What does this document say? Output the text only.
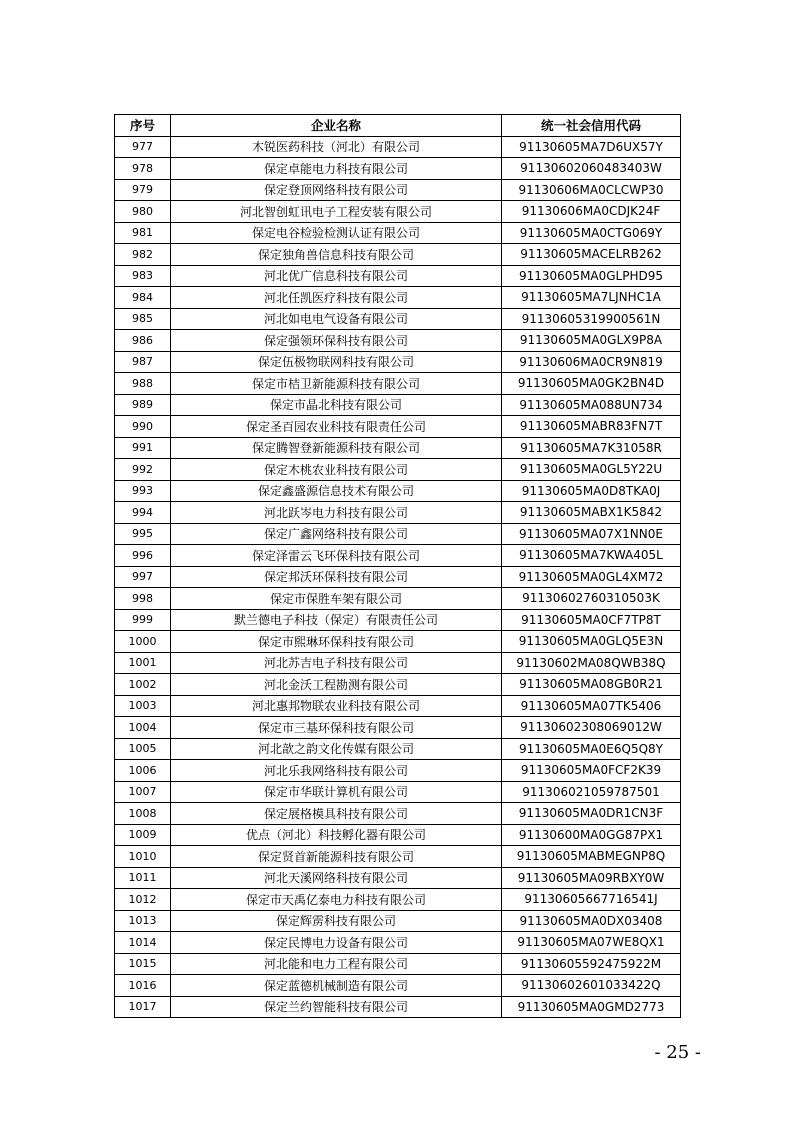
序号	企业名称	统一社会信用代码
977	木锐医药科技（河北）有限公司	91130605MA7D6UX57Y
978	保定卓能电力科技有限公司	91130602060483403W
979	保定登顶网络科技有限公司	91130606MA0CLCWP30
980	河北智创虹讯电子工程安装有限公司	91130606MA0CDJK24F
981	保定电谷检验检测认证有限公司	91130605MA0CTG069Y
982	保定独角兽信息科技有限公司	91130605MACELRB262
983	河北优广信息科技有限公司	91130605MA0GLPHD95
984	河北任凯医疗科技有限公司	91130605MA7LJNHC1A
985	河北如电电气设备有限公司	91130605319900561N
986	保定强领环保科技有限公司	91130605MA0GLX9P8A
987	保定伍极物联网科技有限公司	91130606MA0CR9N819
988	保定市桔卫新能源科技有限公司	91130605MA0GK2BN4D
989	保定市晶北科技有限公司	91130605MA088UN734
990	保定圣百园农业科技有限责任公司	91130605MABR83FN7T
991	保定腾智登新能源科技有限公司	91130605MA7K31058R
992	保定木桃农业科技有限公司	91130605MA0GL5Y22U
993	保定鑫盛源信息技术有限公司	91130605MA0D8TKA0J
994	河北跃岑电力科技有限公司	91130605MABX1K5842
995	保定广鑫网络科技有限公司	91130605MA07X1NN0E
996	保定泽雷云飞环保科技有限公司	91130605MA7KWA405L
997	保定邦沃环保科技有限公司	91130605MA0GL4XM72
998	保定市保胜车架有限公司	91130602760310503K
999	默兰德电子科技（保定）有限责任公司	91130605MA0CF7TP8T
1000	保定市熙琳环保科技有限公司	91130605MA0GLQ5E3N
1001	河北苏吉电子科技有限公司	91130602MA08QWB38Q
1002	河北金沃工程勘测有限公司	91130605MA08GB0R21
1003	河北惠邦物联农业科技有限公司	91130605MA07TK5406
1004	保定市三基环保科技有限公司	91130602308069012W
1005	河北歆之韵文化传媒有限公司	91130605MA0E6Q5Q8Y
1006	河北乐我网络科技有限公司	91130605MA0FCF2K39
1007	保定市华联计算机有限公司	911306021059787501
1008	保定展格模具科技有限公司	91130605MA0DR1CN3F
1009	优点（河北）科技孵化器有限公司	91130600MA0GG87PX1
1010	保定贤首新能源科技有限公司	91130605MABMEGNP8Q
1011	河北天溪网络科技有限公司	91130605MA09RBXY0W
1012	保定市天禹亿泰电力科技有限公司	91130605667716541J
1013	保定辉雳科技有限公司	91130605MA0DX03408
1014	保定民博电力设备有限公司	91130605MA07WE8QX1
1015	河北能和电力工程有限公司	91130605592475922M
1016	保定蓝德机械制造有限公司	91130602601033422Q
1017	保定兰约智能科技有限公司	91130605MA0GMD2773
- 25 -
